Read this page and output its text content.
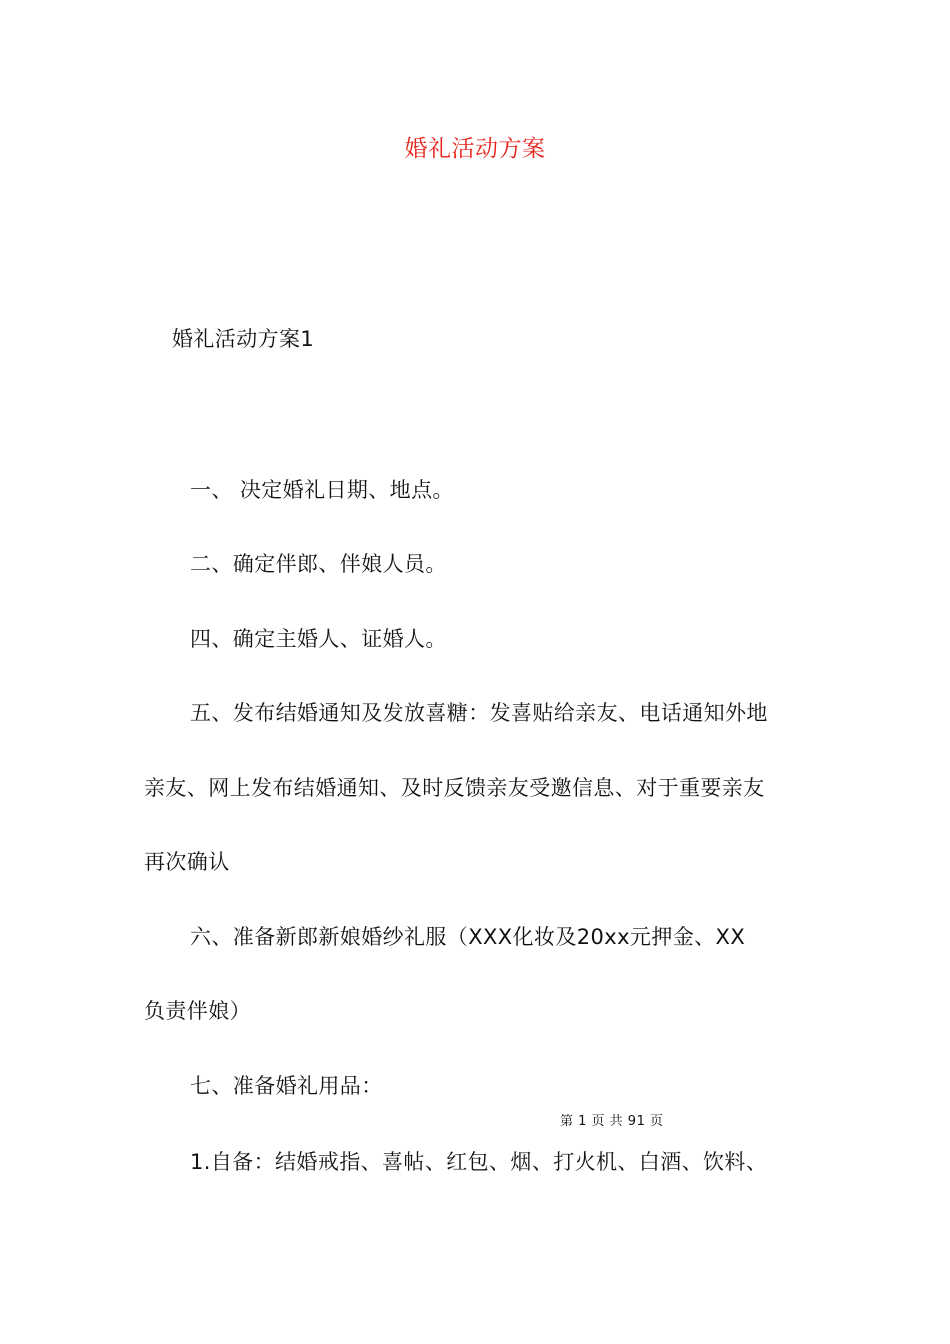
婚礼活动方案
婚礼活动方案1
一、 决定婚礼日期、地点。
二、确定伴郎、伴娘人员。
四、确定主婚人、证婚人。
五、发布结婚通知及发放喜糖：发喜贴给亲友、电话通知外地
亲友、网上发布结婚通知、及时反馈亲友受邀信息、对于重要亲友
再次确认
六、准备新郎新娘婚纱礼服（XXX化妆及20xx元押金、XX
负责伴娘）
七、准备婚礼用品：
第 1 页 共 91 页
1.自备：结婚戒指、喜帖、红包、烟、打火机、白酒、饮料、
